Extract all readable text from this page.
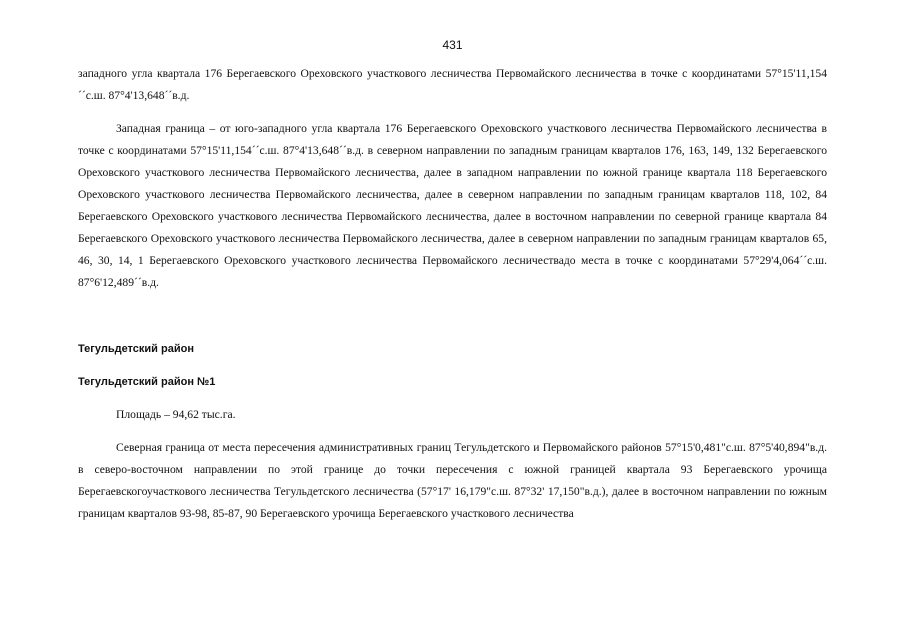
431

западного угла квартала 176 Берегаевского Ореховского участкового лесничества Первомайского лесничества в точке с координатами 57°15'11,154´´с.ш. 87°4'13,648´´в.д.

Западная граница – от юго-западного угла квартала 176 Берегаевского Ореховского участкового лесничества Первомайского лесничества в точке с координатами 57°15'11,154´´с.ш. 87°4'13,648´´в.д. в северном направлении по западным границам кварталов 176, 163, 149, 132 Берегаевского Ореховского участкового лесничества Первомайского лесничества, далее в западном направлении по южной границе квартала 118 Берегаевского Ореховского участкового лесничества Первомайского лесничества, далее в северном направлении по западным границам кварталов 118, 102, 84 Берегаевского Ореховского участкового лесничества Первомайского лесничества, далее в восточном направлении по северной границе квартала 84 Берегаевского Ореховского участкового лесничества Первомайского лесничества, далее в северном направлении по западным границам кварталов 65, 46, 30, 14, 1 Берегаевского Ореховского участкового лесничества Первомайского лесничествадо места в точке с координатами 57°29'4,064´´с.ш. 87°6'12,489´´в.д.

Тегульдетский район

Тегульдетский район №1

Площадь – 94,62 тыс.га.

Северная граница от места пересечения административных границ Тегульдетского и Первомайского районов 57°15'0,481"с.ш. 87°5'40,894"в.д. в северо-восточном направлении по этой границе до точки пересечения с южной границей квартала 93 Берегаевского урочища Берегаевскогоучасткового лесничества Тегульдетского лесничества (57°17' 16,179"с.ш. 87°32' 17,150"в.д.), далее в восточном направлении по южным границам кварталов 93-98, 85-87, 90 Берегаевского урочища Берегаевского участкового лесничества
